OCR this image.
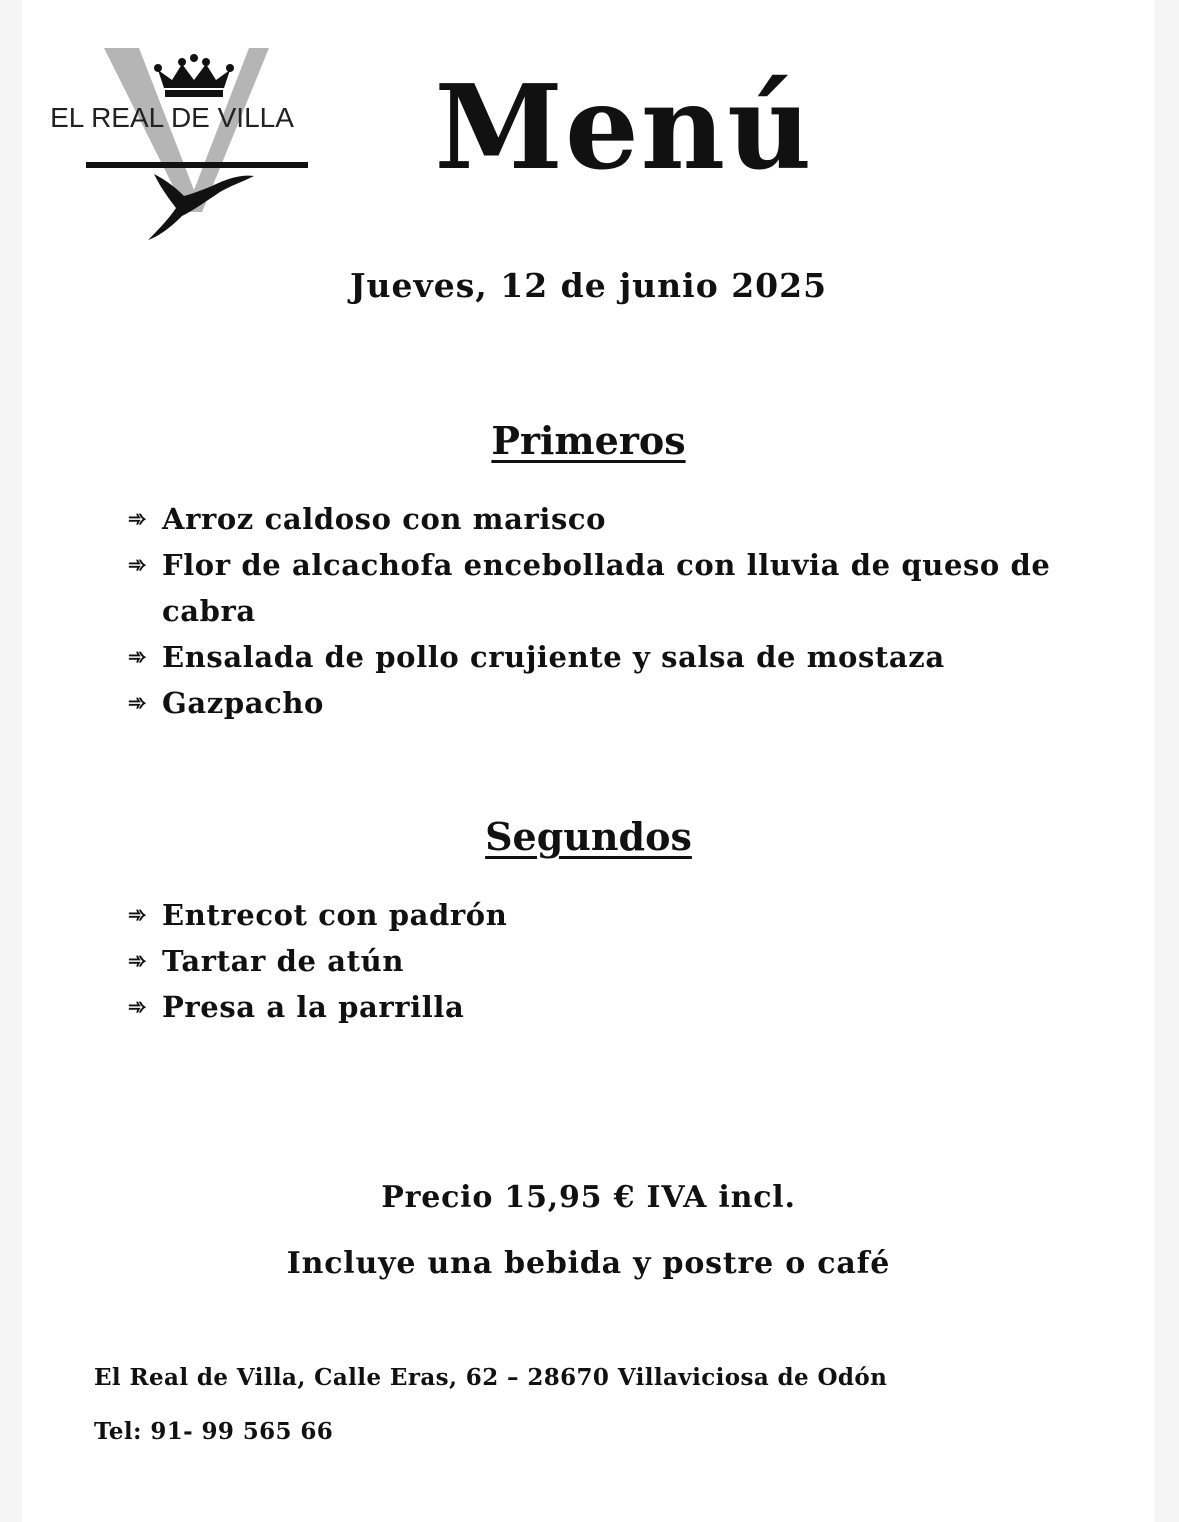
EL REAL DE VILLA Menú
Jueves, 12 de junio 2025
Primeros
➾ Arroz caldoso con marisco
➾ Flor de alcachofa encebollada con lluvia de queso de cabra
➾ Ensalada de pollo crujiente y salsa de mostaza
➾ Gazpacho
Segundos
➾ Entrecot con padrón
➾ Tartar de atún
➾ Presa a la parrilla
Precio 15,95 € IVA incl.
Incluye una bebida y postre o café
El Real de Villa, Calle Eras, 62 – 28670 Villaviciosa de Odón
Tel: 91- 99 565 66
